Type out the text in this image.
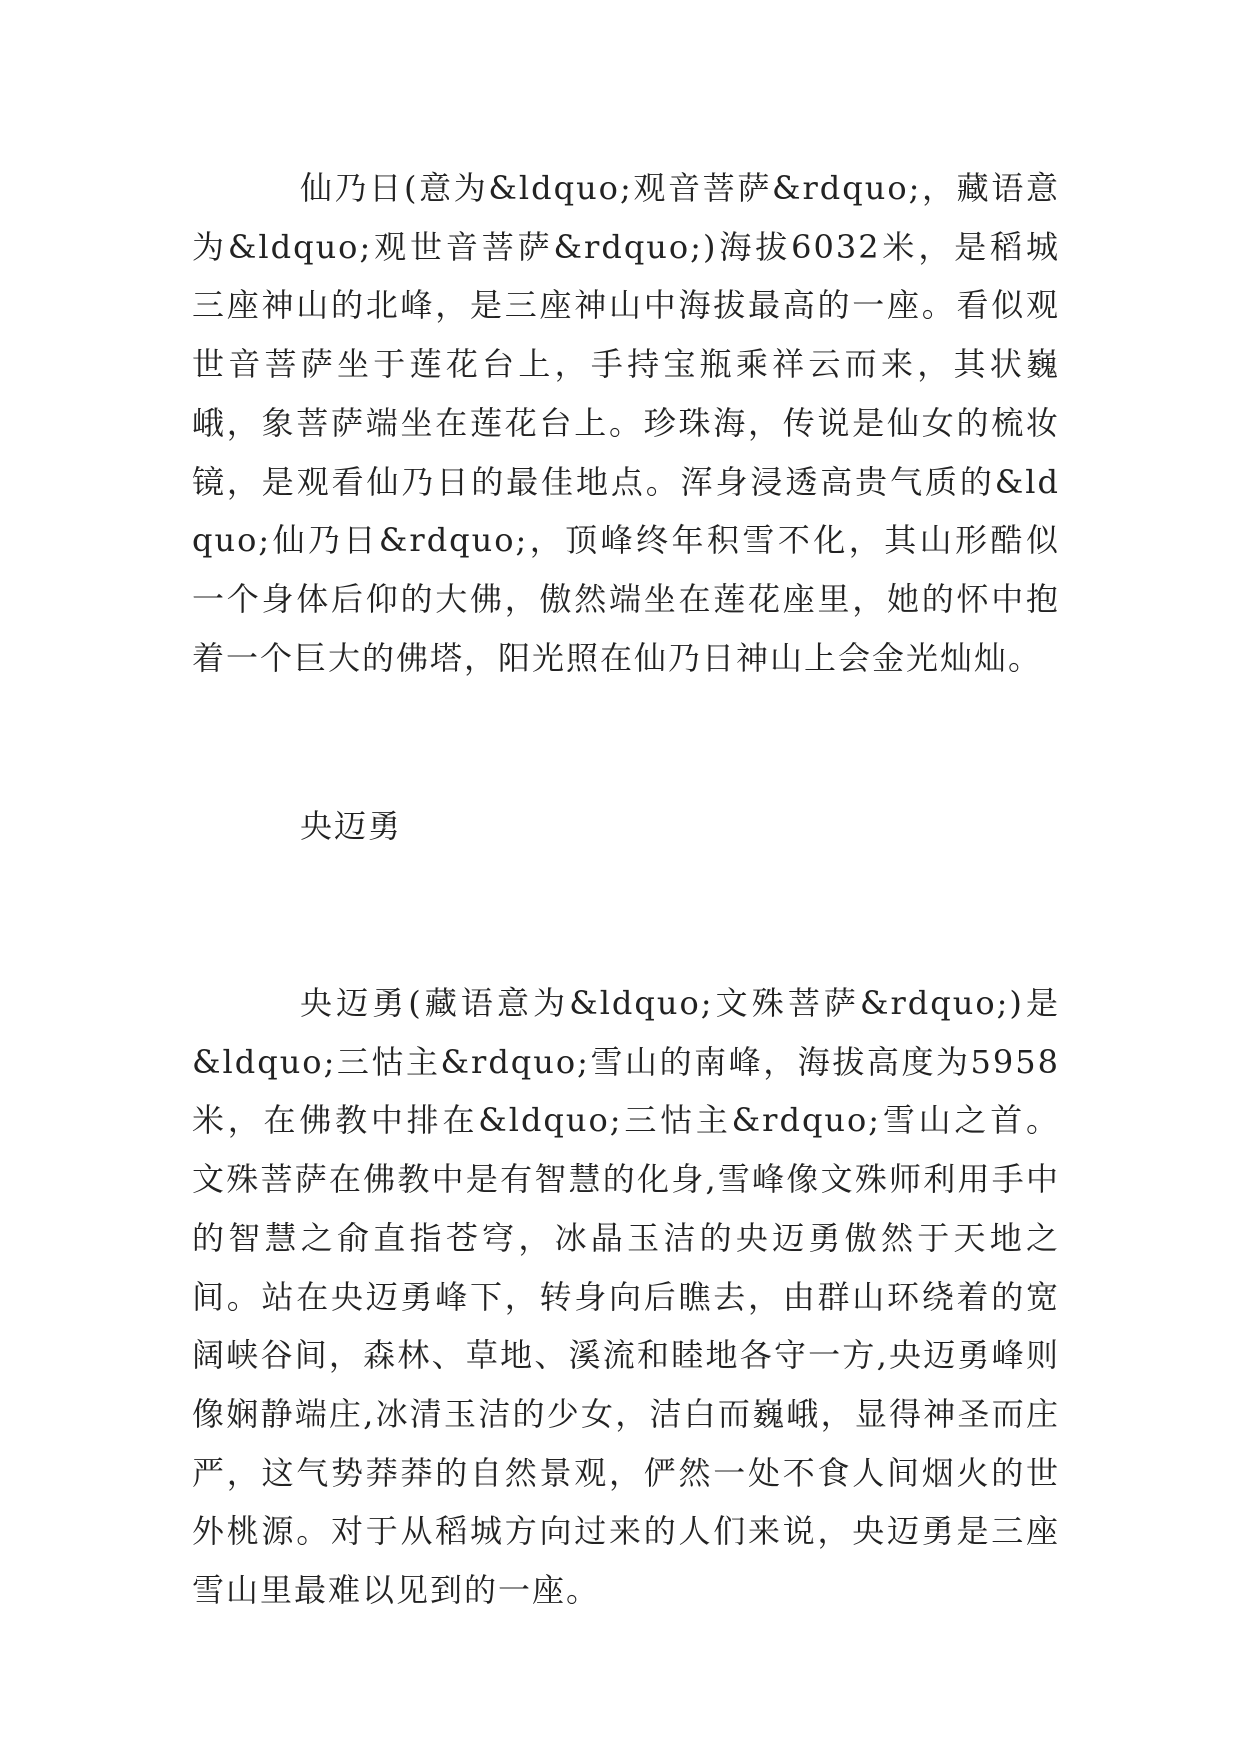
仙乃日(意为&ldquo;观音菩萨&rdquo;，藏语意为&ldquo;观世音菩萨&rdquo;)海拔6032米，是稻城三座神山的北峰，是三座神山中海拔最高的一座。看似观世音菩萨坐于莲花台上，手持宝瓶乘祥云而来，其状巍峨，象菩萨端坐在莲花台上。珍珠海，传说是仙女的梳妆镜，是观看仙乃日的最佳地点。浑身浸透高贵气质的&ldquo;仙乃日&rdquo;，顶峰终年积雪不化，其山形酷似一个身体后仰的大佛，傲然端坐在莲花座里，她的怀中抱着一个巨大的佛塔，阳光照在仙乃日神山上会金光灿灿。

央迈勇

央迈勇(藏语意为&ldquo;文殊菩萨&rdquo;)是&ldquo;三怙主&rdquo;雪山的南峰，海拔高度为5958米，在佛教中排在&ldquo;三怙主&rdquo;雪山之首。文殊菩萨在佛教中是有智慧的化身,雪峰像文殊师利用手中的智慧之俞直指苍穹，冰晶玉洁的央迈勇傲然于天地之间。站在央迈勇峰下，转身向后瞧去，由群山环绕着的宽阔峡谷间，森林、草地、溪流和睦地各守一方,央迈勇峰则像娴静端庄,冰清玉洁的少女，洁白而巍峨，显得神圣而庄严，这气势莽莽的自然景观，俨然一处不食人间烟火的世外桃源。对于从稻城方向过来的人们来说，央迈勇是三座雪山里最难以见到的一座。
